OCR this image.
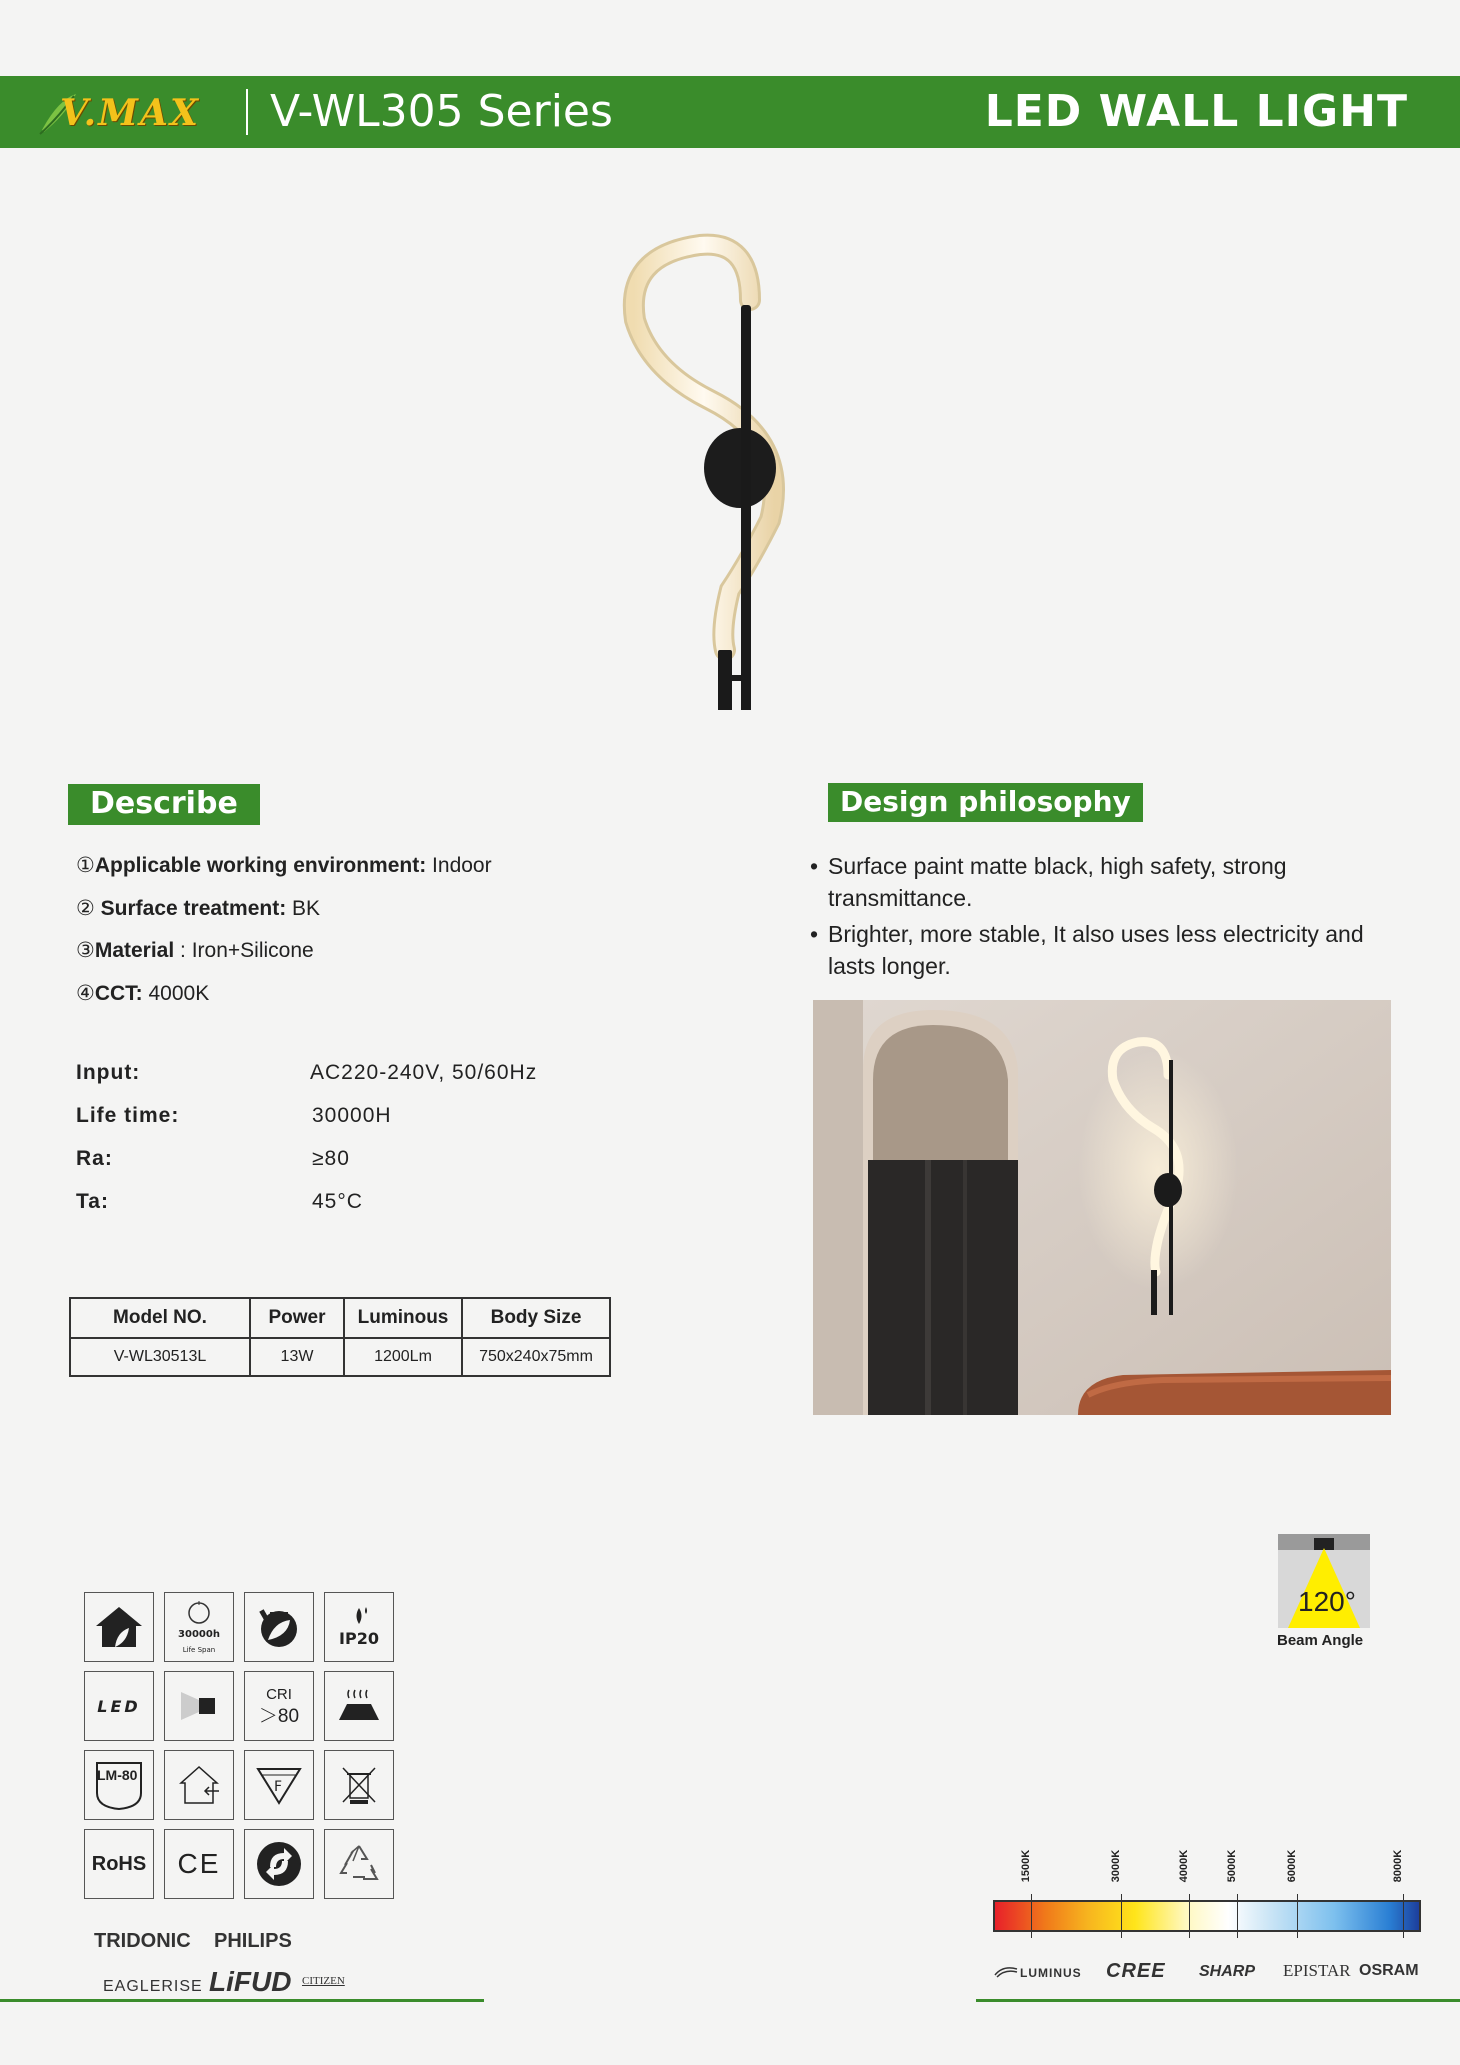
V.MAX V-WL305 Series	LED WALL LIGHT
Describe
①Applicable working environment: Indoor
② Surface treatment: BK
③Material : Iron+Silicone
④CCT: 4000K
Input:	AC220-240V, 50/60Hz
Life time:	30000H
Ra:	≥80
Ta:	45°C
Model NO.	Power	Luminous	Body Size
V-WL30513L	13W	1200Lm	750x240x75mm
Design philosophy
• Surface paint matte black, high safety, strong transmittance.
• Brighter, more stable, It also uses less electricity and lasts longer.

30000h
Life Span

IP20
LED
CRI
＞80
LM-80
F
RoHS CE
120°
Beam Angle
1500K	3000K	4000K	5000K	6000K	8000K
TRIDONIC PHILIPS
EAGLERISE LiFUD CITIZEN
LUMINUS CREE SHARP EPISTAR OSRAM
